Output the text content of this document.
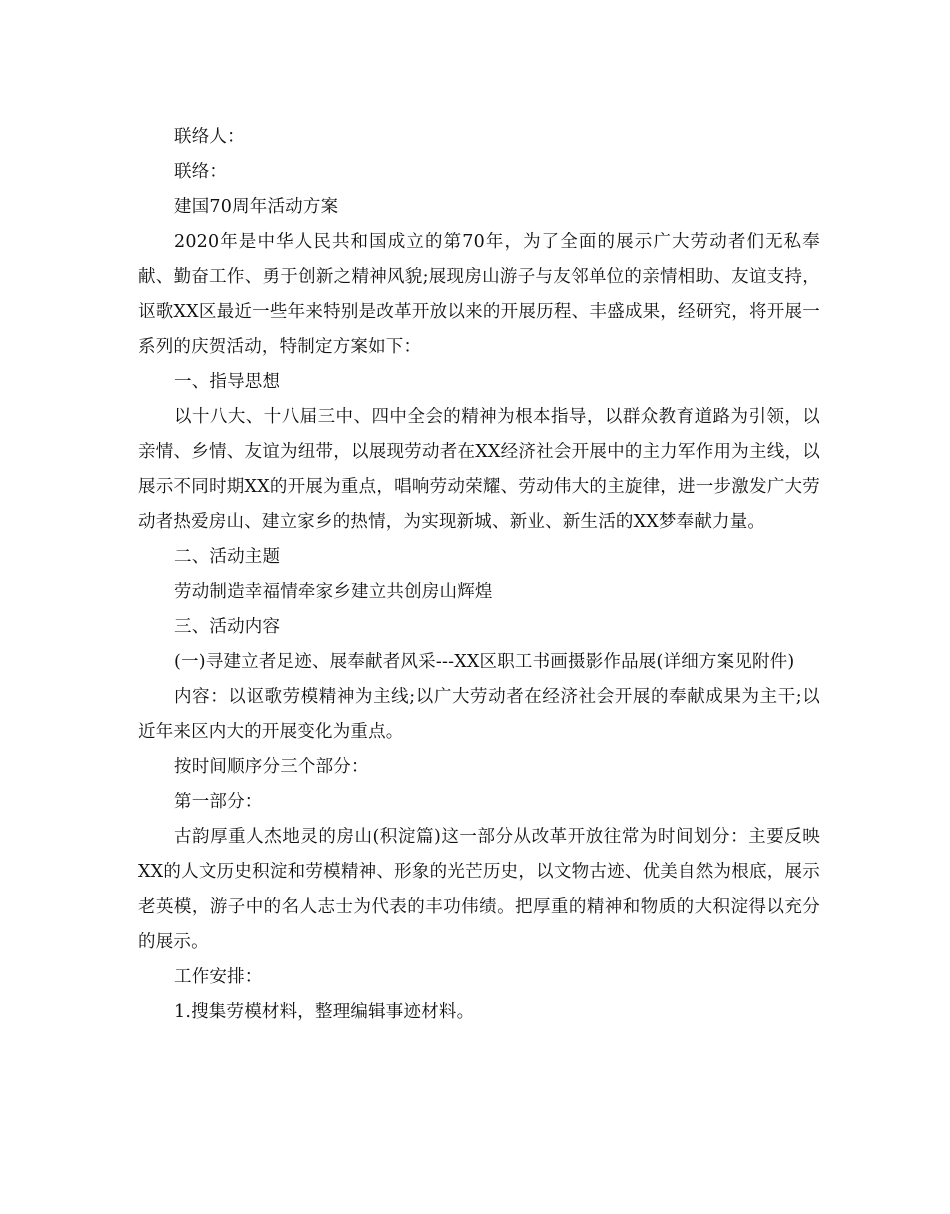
联络人：

联络：

建国70周年活动方案

2020年是中华人民共和国成立的第70年，为了全面的展示广大劳动者们无私奉献、勤奋工作、勇于创新之精神风貌;展现房山游子与友邻单位的亲情相助、友谊支持，讴歌XX区最近一些年来特别是改革开放以来的开展历程、丰盛成果，经研究，将开展一系列的庆贺活动，特制定方案如下：

一、指导思想

以十八大、十八届三中、四中全会的精神为根本指导，以群众教育道路为引领，以亲情、乡情、友谊为纽带，以展现劳动者在XX经济社会开展中的主力军作用为主线，以展示不同时期XX的开展为重点，唱响劳动荣耀、劳动伟大的主旋律，进一步激发广大劳动者热爱房山、建立家乡的热情，为实现新城、新业、新生活的XX梦奉献力量。

二、活动主题

劳动制造幸福情牵家乡建立共创房山辉煌

三、活动内容

(一)寻建立者足迹、展奉献者风采---XX区职工书画摄影作品展(详细方案见附件)

内容：以讴歌劳模精神为主线;以广大劳动者在经济社会开展的奉献成果为主干;以近年来区内大的开展变化为重点。

按时间顺序分三个部分：

第一部分：

古韵厚重人杰地灵的房山(积淀篇)这一部分从改革开放往常为时间划分：主要反映XX的人文历史积淀和劳模精神、形象的光芒历史，以文物古迹、优美自然为根底，展示老英模，游子中的名人志士为代表的丰功伟绩。把厚重的精神和物质的大积淀得以充分的展示。

工作安排：

1.搜集劳模材料，整理编辑事迹材料。
